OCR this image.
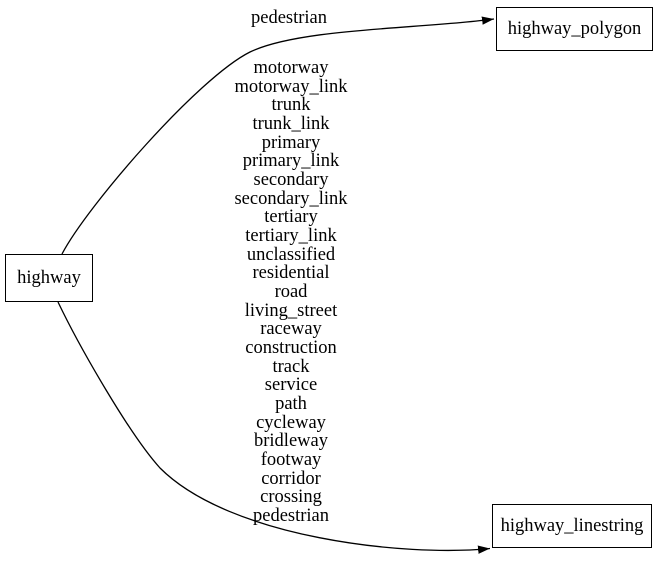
highway
highway_polygon
highway_linestring
pedestrian
motorway
motorway_link
trunk
trunk_link
primary
primary_link
secondary
secondary_link
tertiary
tertiary_link
unclassified
residential
road
living_street
raceway
construction
track
service
path
cycleway
bridleway
footway
corridor
crossing
pedestrian
